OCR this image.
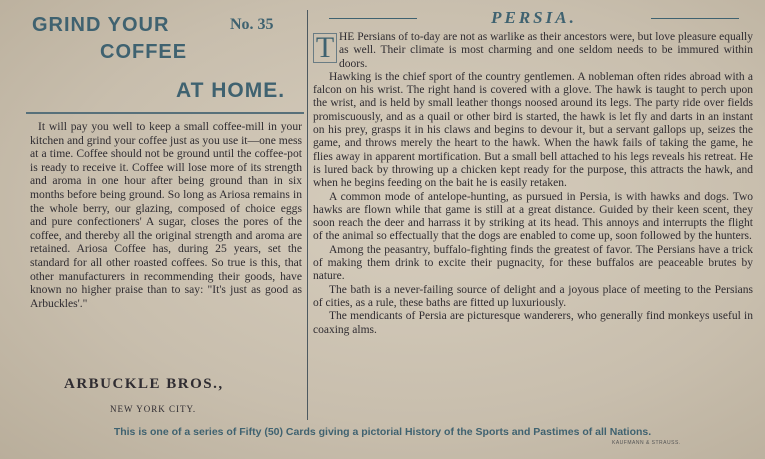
GRIND YOUR	No. 35
COFFEE
AT HOME.

It will pay you well to keep a small coffee-mill in your kitchen and grind your coffee just as you use it—one mess at a time. Coffee should not be ground until the coffee-pot is ready to receive it. Coffee will lose more of its strength and aroma in one hour after being ground than in six months before being ground. So long as Ariosa remains in the whole berry, our glazing, composed of choice eggs and pure confectioners' A sugar, closes the pores of the coffee, and thereby all the original strength and aroma are retained. Ariosa Coffee has, during 25 years, set the standard for all other roasted coffees. So true is this, that other manufacturers in recommending their goods, have known no higher praise than to say: "It's just as good as Arbuckles'."

ARBUCKLE BROS.,
NEW YORK CITY.
PERSIA.

HE Persians of to-day are not as warlike as their ancestors were, but love pleasure equally as well. Their climate is most charming and one seldom needs to be immured within doors.

Hawking is the chief sport of the country gentlemen. A nobleman often rides abroad with a falcon on his wrist. The right hand is covered with a glove. The hawk is taught to perch upon the wrist, and is held by small leather thongs noosed around its legs. The party ride over fields promiscuously, and as a quail or other bird is started, the hawk is let fly and darts in an instant on his prey, grasps it in his claws and begins to devour it, but a servant gallops up, seizes the game, and throws merely the heart to the hawk. When the hawk fails of taking the game, he flies away in apparent mortification. But a small bell attached to his legs reveals his retreat. He is lured back by throwing up a chicken kept ready for the purpose, this attracts the hawk, and when he begins feeding on the bait he is easily retaken.

A common mode of antelope-hunting, as pursued in Persia, is with hawks and dogs. Two hawks are flown while that game is still at a great distance. Guided by their keen scent, they soon reach the deer and harrass it by striking at its head. This annoys and interrupts the flight of the animal so effectually that the dogs are enabled to come up, soon followed by the hunters.

Among the peasantry, buffalo-fighting finds the greatest of favor. The Persians have a trick of making them drink to excite their pugnacity, for these buffalos are peaceable brutes by nature.

The bath is a never-failing source of delight and a joyous place of meeting to the Persians of cities, as a rule, these baths are fitted up luxuriously.

The mendicants of Persia are picturesque wanderers, who generally find monkeys useful in coaxing alms.

T
This is one of a series of Fifty (50) Cards giving a pictorial History of the Sports and Pastimes of all Nations.
KAUFMANN & STRAUSS.
